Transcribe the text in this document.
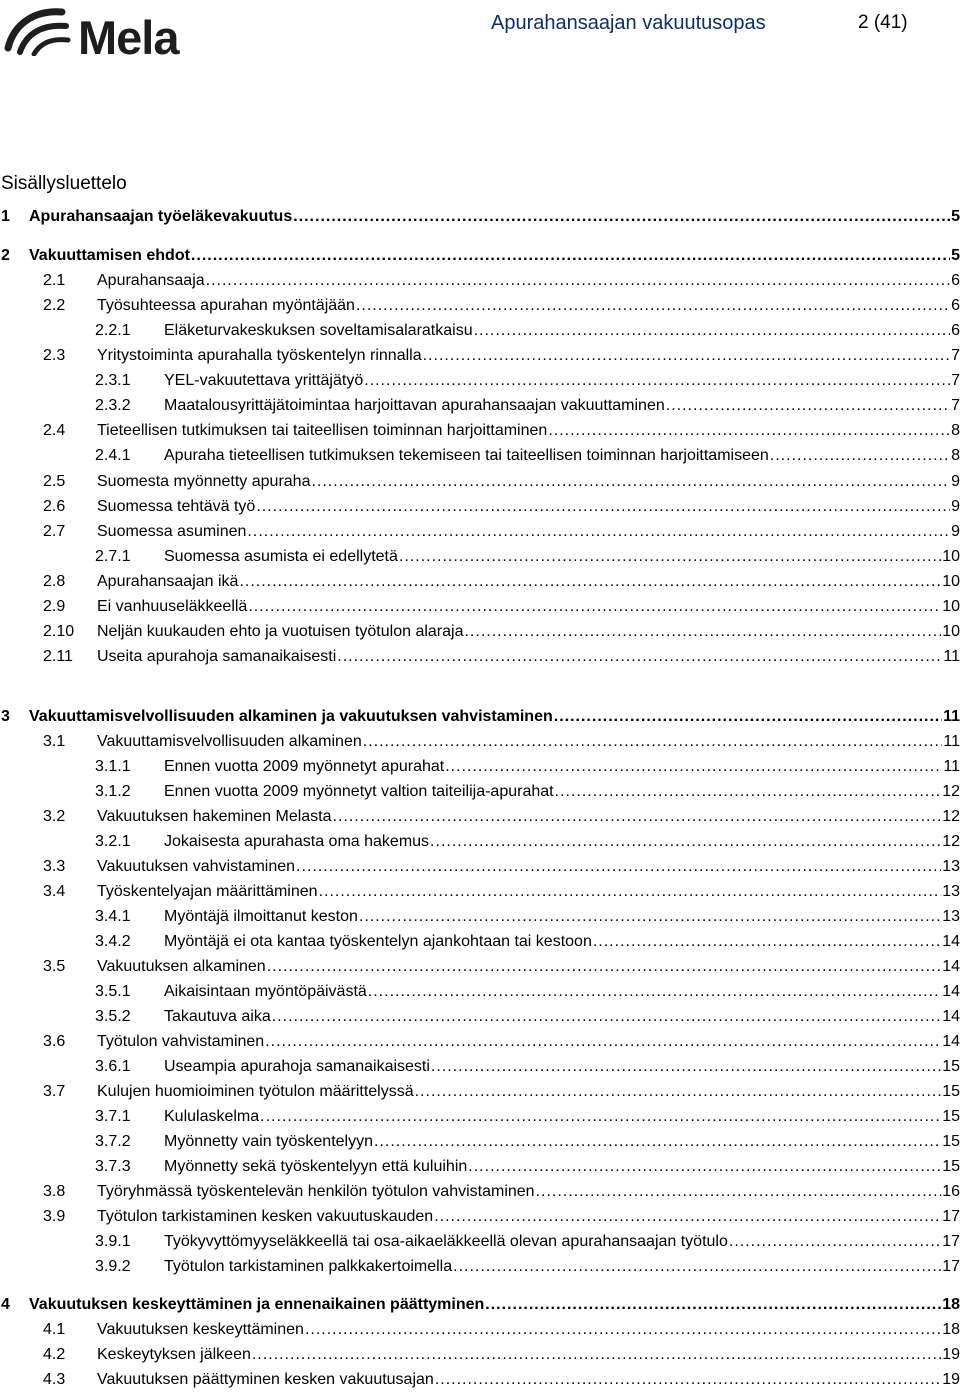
Mela	Apurahansaajan vakuutusopas	2 (41)
Sisällysluettelo
1	Apurahansaajan työeläkevakuutus .....	5
2	Vakuuttamisen ehdot .....	5
2.1	Apurahansaaja .....	6
2.2	Työsuhteessa apurahan myöntäjään .....	6
2.2.1	Eläketurvakeskuksen soveltamisalaratkaisu .....	6
2.3	Yritystoiminta apurahalla työskentelyn rinnalla .....	7
2.3.1	YEL-vakuutettava yrittäjätyö .....	7
2.3.2	Maatalousyrittäjätoimintaa harjoittavan apurahansaajan vakuuttaminen .....	7
2.4	Tieteellisen tutkimuksen tai taiteellisen toiminnan harjoittaminen .....	8
2.4.1	Apuraha tieteellisen tutkimuksen tekemiseen tai taiteellisen toiminnan harjoittamiseen .....	8
2.5	Suomesta myönnetty apuraha .....	9
2.6	Suomessa tehtävä työ .....	9
2.7	Suomessa asuminen .....	9
2.7.1	Suomessa asumista ei edellytetä .....	10
2.8	Apurahansaajan ikä .....	10
2.9	Ei vanhuuseläkkeellä .....	10
2.10	Neljän kuukauden ehto ja vuotuisen työtulon alaraja .....	10
2.11	Useita apurahoja samanaikaisesti .....	11
3	Vakuuttamisvelvollisuuden alkaminen ja vakuutuksen vahvistaminen .....	11
3.1	Vakuuttamisvelvollisuuden alkaminen .....	11
3.1.1	Ennen vuotta 2009 myönnetyt apurahat .....	11
3.1.2	Ennen vuotta 2009 myönnetyt valtion taiteilija-apurahat .....	12
3.2	Vakuutuksen hakeminen Melasta .....	12
3.2.1	Jokaisesta apurahasta oma hakemus .....	12
3.3	Vakuutuksen vahvistaminen .....	13
3.4	Työskentelyajan määrittäminen .....	13
3.4.1	Myöntäjä ilmoittanut keston .....	13
3.4.2	Myöntäjä ei ota kantaa työskentelyn ajankohtaan tai kestoon .....	14
3.5	Vakuutuksen alkaminen .....	14
3.5.1	Aikaisintaan myöntöpäivästä .....	14
3.5.2	Takautuva aika .....	14
3.6	Työtulon vahvistaminen .....	14
3.6.1	Useampia apurahoja samanaikaisesti .....	15
3.7	Kulujen huomioiminen työtulon määrittelyssä .....	15
3.7.1	Kululaskelma .....	15
3.7.2	Myönnetty vain työskentelyyn .....	15
3.7.3	Myönnetty sekä työskentelyyn että kuluihin .....	15
3.8	Työryhmässä työskentelevän henkilön työtulon vahvistaminen .....	16
3.9	Työtulon tarkistaminen kesken vakuutuskauden .....	17
3.9.1	Työkyvyttömyyseläkkeellä tai osa-aikaeläkkeellä olevan apurahansaajan työtulo .....	17
3.9.2	Työtulon tarkistaminen palkkakertoimella .....	17
4	Vakuutuksen keskeyttäminen ja ennenaikainen päättyminen .....	18
4.1	Vakuutuksen keskeyttäminen .....	18
4.2	Keskeytyksen jälkeen .....	19
4.3	Vakuutuksen päättyminen kesken vakuutusajan .....	19
